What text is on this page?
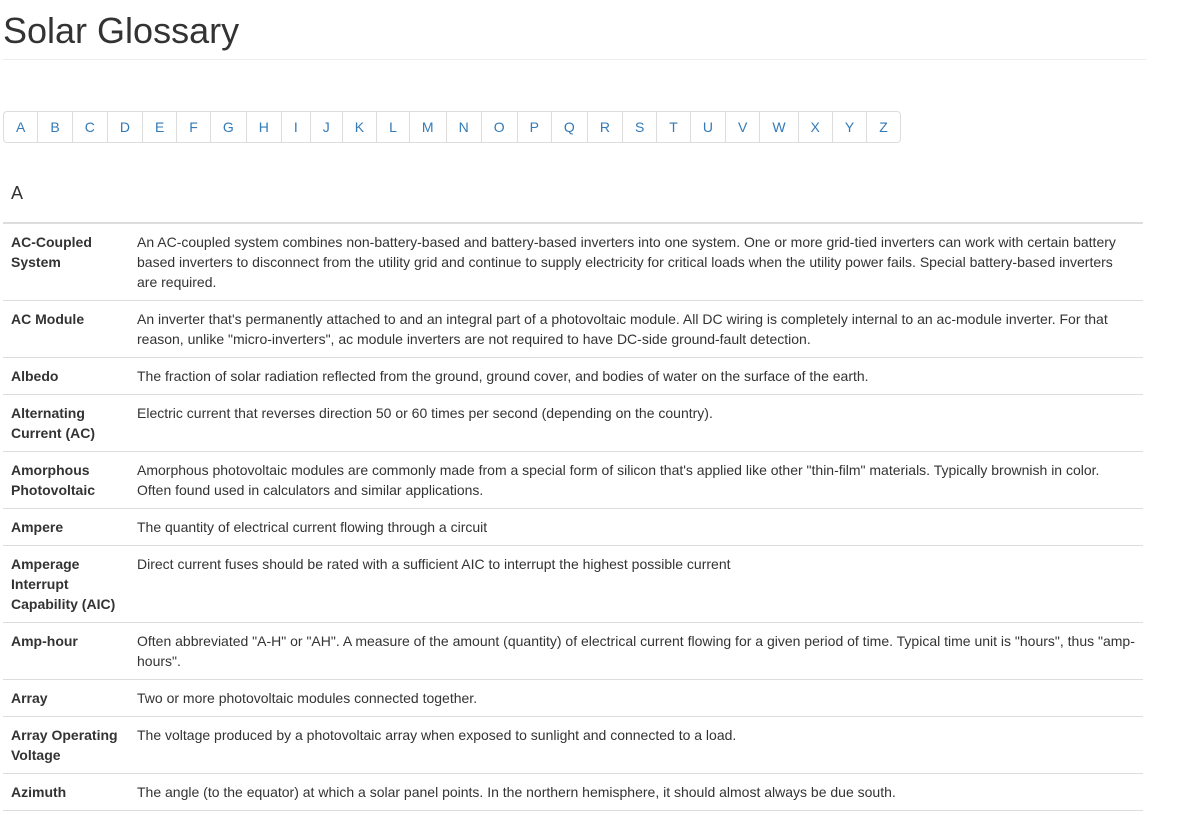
Solar Glossary
A	B	C	D	E	F	G	H	I	J	K	L	M	N	O	P	Q	R	S	T	U	V	W	X	Y	Z
A
AC-Coupled System	An AC-coupled system combines non-battery-based and battery-based inverters into one system. One or more grid-tied inverters can work with certain battery based inverters to disconnect from the utility grid and continue to supply electricity for critical loads when the utility power fails. Special battery-based inverters are required.
AC Module	An inverter that's permanently attached to and an integral part of a photovoltaic module. All DC wiring is completely internal to an ac-module inverter. For that reason, unlike "micro-inverters", ac module inverters are not required to have DC-side ground-fault detection.
Albedo	The fraction of solar radiation reflected from the ground, ground cover, and bodies of water on the surface of the earth.
Alternating Current (AC)	Electric current that reverses direction 50 or 60 times per second (depending on the country).
Amorphous Photovoltaic	Amorphous photovoltaic modules are commonly made from a special form of silicon that's applied like other "thin-film" materials. Typically brownish in color. Often found used in calculators and similar applications.
Ampere	The quantity of electrical current flowing through a circuit
Amperage Interrupt Capability (AIC)	Direct current fuses should be rated with a sufficient AIC to interrupt the highest possible current
Amp-hour	Often abbreviated "A-H" or "AH". A measure of the amount (quantity) of electrical current flowing for a given period of time. Typical time unit is "hours", thus "amp-hours".
Array	Two or more photovoltaic modules connected together.
Array Operating Voltage	The voltage produced by a photovoltaic array when exposed to sunlight and connected to a load.
Azimuth	The angle (to the equator) at which a solar panel points. In the northern hemisphere, it should almost always be due south.
